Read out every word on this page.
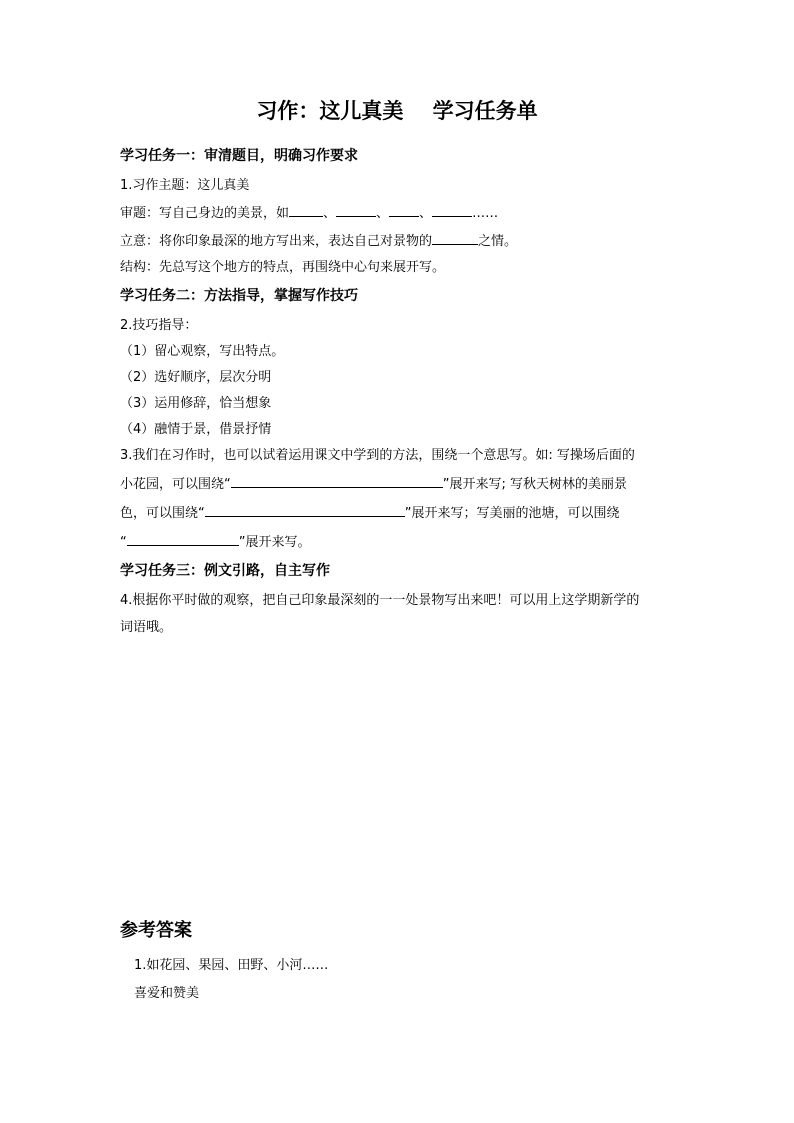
习作：这儿真美    学习任务单
学习任务一：审清题目，明确习作要求
1.习作主题：这儿真美
审题：写自己身边的美景，如	、	、 、	……
立意：将你印象最深的地方写出来，表达自己对景物的	之情。
结构：先总写这个地方的特点，再围绕中心句来展开写。
学习任务二：方法指导，掌握写作技巧
2.技巧指导：
（1）留心观察，写出特点。
（2）选好顺序，层次分明
（3）运用修辞，恰当想象
（4）融情于景，借景抒情
3.我们在习作时，也可以试着运用课文中学到的方法，围绕一个意思写。如: 写操场后面的
小花园，可以围绕“	”展开来写; 写秋天树林的美丽景
色，可以围绕“	”展开来写；写美丽的池塘，可以围绕
“	”展开来写。
学习任务三：例文引路，自主写作
4.根据你平时做的观察，把自己印象最深刻的一一处景物写出来吧！可以用上这学期新学的
词语哦。
参考答案
1.如花园、果园、田野、小河……
喜爱和赞美
